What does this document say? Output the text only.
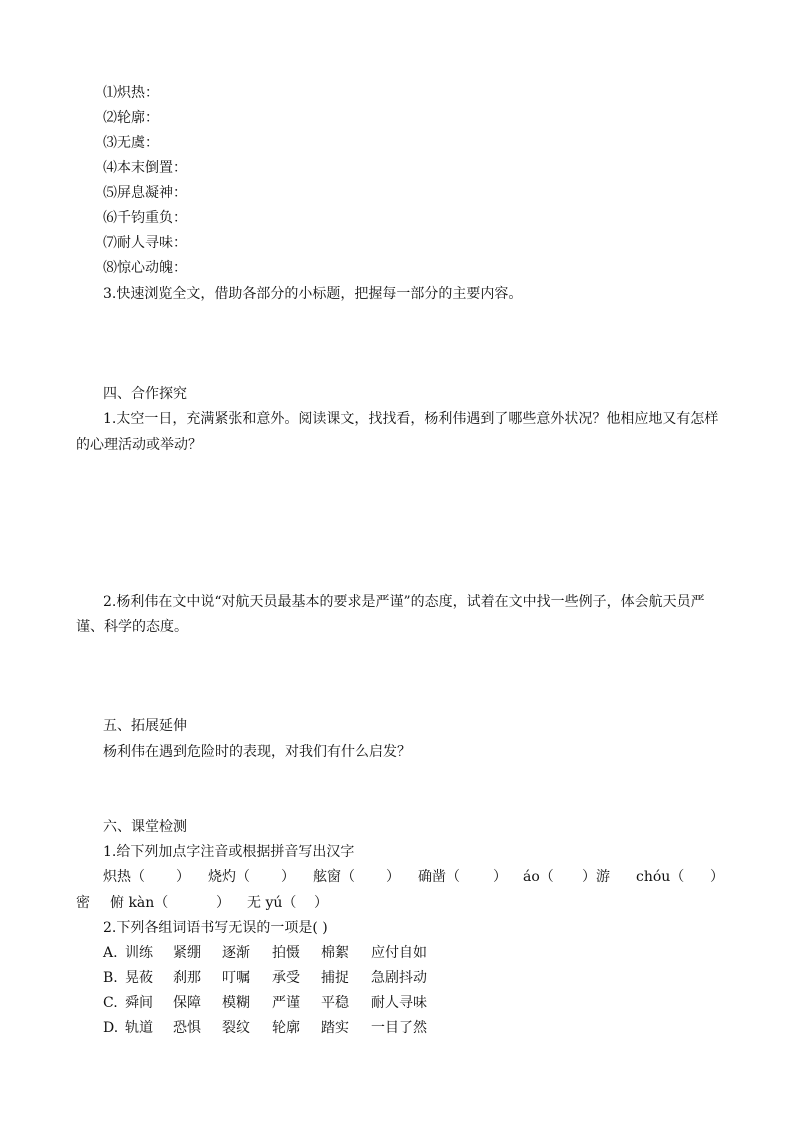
⑴炽热：
⑵轮廓：
⑶无虞：
⑷本末倒置：
⑸屏息凝神：
⑹千钧重负：
⑺耐人寻味：
⑻惊心动魄：
3.快速浏览全文，借助各部分的小标题，把握每一部分的主要内容。
四、合作探究
1.太空一日，充满紧张和意外。阅读课文，找找看，杨利伟遇到了哪些意外状况？他相应地又有怎样
的心理活动或举动？
2.杨利伟在文中说“对航天员最基本的要求是严谨”的态度，试着在文中找一些例子，体会航天员严
谨、科学的态度。
五、拓展延伸
杨利伟在遇到危险时的表现，对我们有什么启发？
六、课堂检测
1.给下列加点字注音或根据拼音写出汉字
炽热（ ） 烧灼（ ） 舷窗（ ） 确凿（ ） áo（ ）游 chóu（ ）
密 俯 kàn（	） 无 yú（ ）
2.下列各组词语书写无误的一项是( )
A. 训练 紧绷 逐渐 拍慑 棉絮 应付自如
B. 晃莜 刹那 叮嘱 承受 捕捉 急剧抖动
C. 舜间 保障 模糊 严谨 平稳 耐人寻味
D. 轨道 恐惧 裂纹 轮廓 踏实 一目了然
